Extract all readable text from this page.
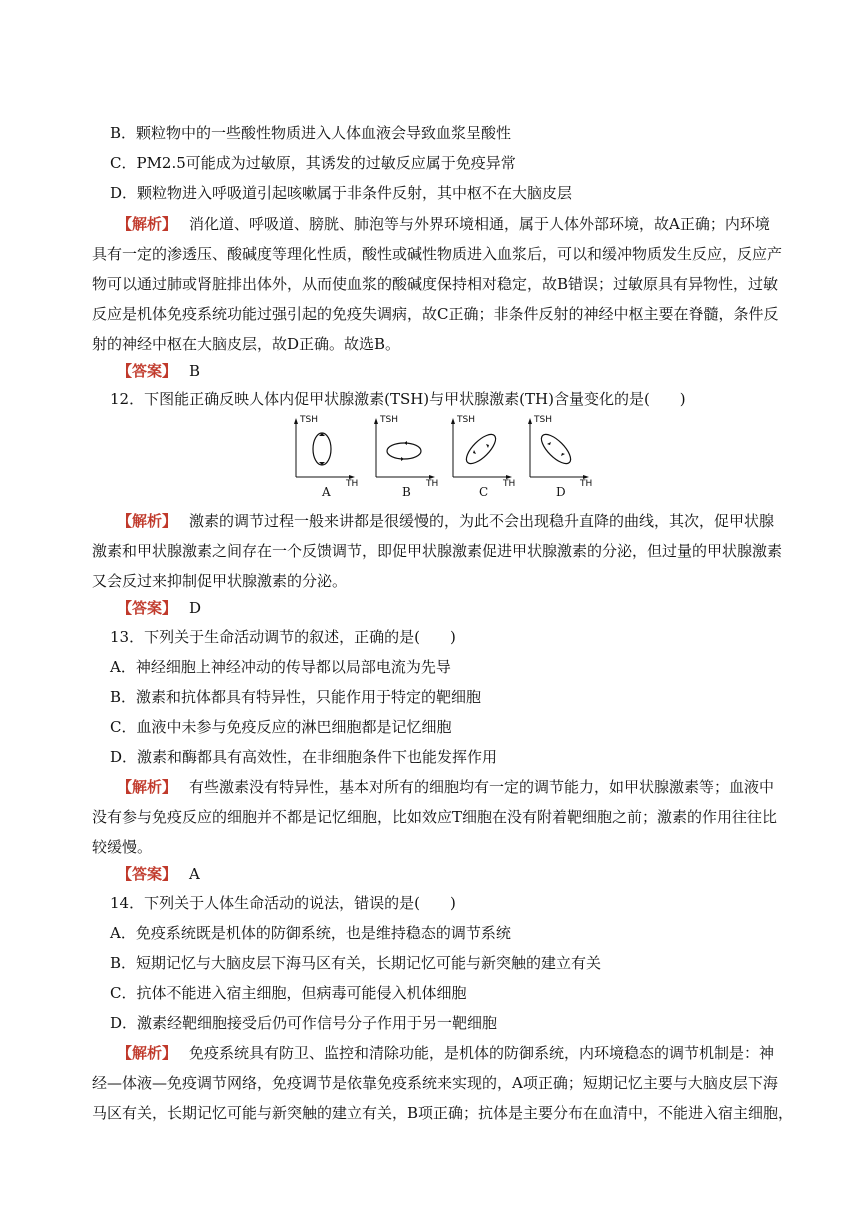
B．颗粒物中的一些酸性物质进入人体血液会导致血浆呈酸性
C．PM2.5可能成为过敏原，其诱发的过敏反应属于免疫异常
D．颗粒物进入呼吸道引起咳嗽属于非条件反射，其中枢不在大脑皮层
【解析】 消化道、呼吸道、膀胱、肺泡等与外界环境相通，属于人体外部环境，故A正确；内环境
具有一定的渗透压、酸碱度等理化性质，酸性或碱性物质进入血浆后，可以和缓冲物质发生反应，反应产
物可以通过肺或肾脏排出体外，从而使血浆的酸碱度保持相对稳定，故B错误；过敏原具有异物性，过敏
反应是机体免疫系统功能过强引起的免疫失调病，故C正确；非条件反射的神经中枢主要在脊髓，条件反
射的神经中枢在大脑皮层，故D正确。故选B。
【答案】 B
12．下图能正确反映人体内促甲状腺激素(TSH)与甲状腺激素(TH)含量变化的是(　　)
TSH
TH
A
TSH
TH
B
TSH
TH
C
TSH
TH
D
【解析】 激素的调节过程一般来讲都是很缓慢的，为此不会出现稳升直降的曲线，其次，促甲状腺
激素和甲状腺激素之间存在一个反馈调节，即促甲状腺激素促进甲状腺激素的分泌，但过量的甲状腺激素
又会反过来抑制促甲状腺激素的分泌。
【答案】 D
13．下列关于生命活动调节的叙述，正确的是(　　)
A．神经细胞上神经冲动的传导都以局部电流为先导
B．激素和抗体都具有特异性，只能作用于特定的靶细胞
C．血液中未参与免疫反应的淋巴细胞都是记忆细胞
D．激素和酶都具有高效性，在非细胞条件下也能发挥作用
【解析】 有些激素没有特异性，基本对所有的细胞均有一定的调节能力，如甲状腺激素等；血液中
没有参与免疫反应的细胞并不都是记忆细胞，比如效应T细胞在没有附着靶细胞之前；激素的作用往往比
较缓慢。
【答案】 A
14．下列关于人体生命活动的说法，错误的是(　　)
A．免疫系统既是机体的防御系统，也是维持稳态的调节系统
B．短期记忆与大脑皮层下海马区有关，长期记忆可能与新突触的建立有关
C．抗体不能进入宿主细胞，但病毒可能侵入机体细胞
D．激素经靶细胞接受后仍可作信号分子作用于另一靶细胞
【解析】 免疫系统具有防卫、监控和清除功能，是机体的防御系统，内环境稳态的调节机制是：神
经—体液—免疫调节网络，免疫调节是依靠免疫系统来实现的，A项正确；短期记忆主要与大脑皮层下海
马区有关，长期记忆可能与新突触的建立有关，B项正确；抗体是主要分布在血清中，不能进入宿主细胞，
